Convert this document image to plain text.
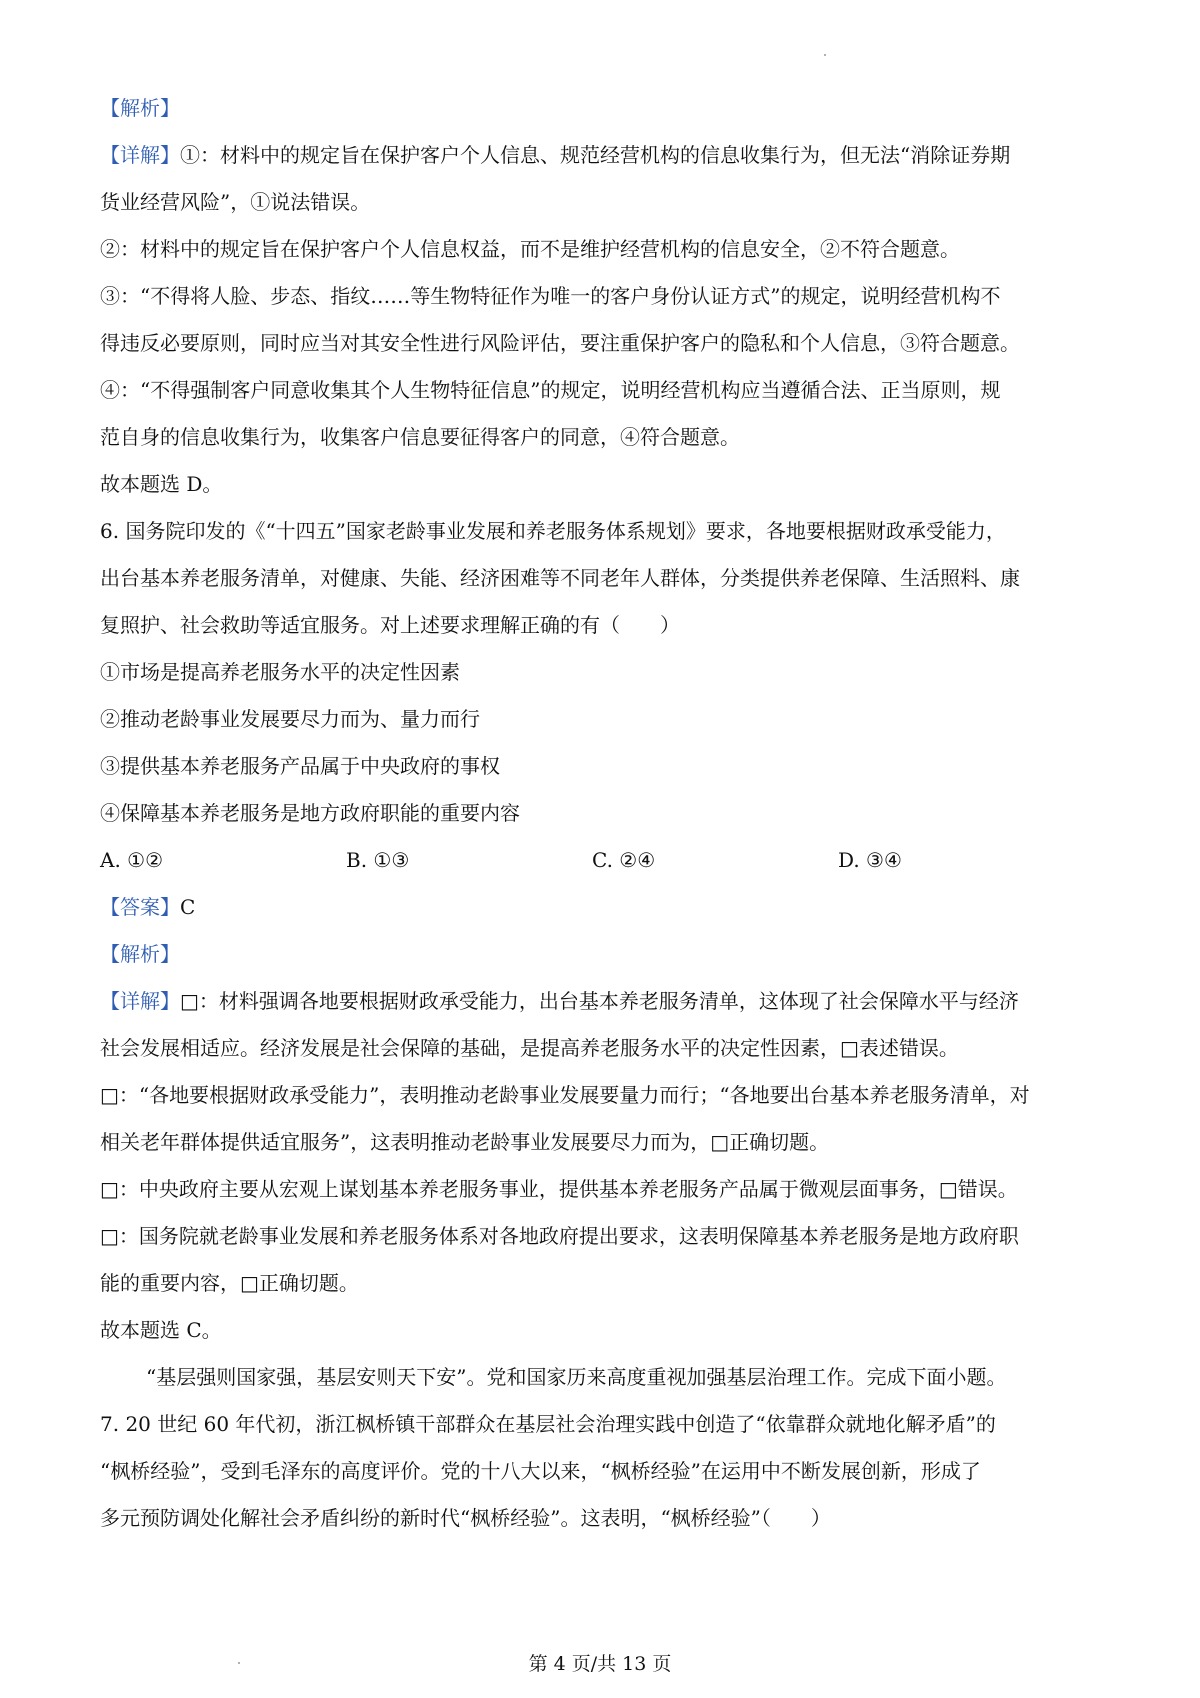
【解析】
【详解】①：材料中的规定旨在保护客户个人信息、规范经营机构的信息收集行为，但无法“消除证券期
货业经营风险”，①说法错误。
②：材料中的规定旨在保护客户个人信息权益，而不是维护经营机构的信息安全，②不符合题意。
③：“不得将人脸、步态、指纹……等生物特征作为唯一的客户身份认证方式”的规定，说明经营机构不
得违反必要原则，同时应当对其安全性进行风险评估，要注重保护客户的隐私和个人信息，③符合题意。
④：“不得强制客户同意收集其个人生物特征信息”的规定，说明经营机构应当遵循合法、正当原则，规
范自身的信息收集行为，收集客户信息要征得客户的同意，④符合题意。
故本题选 D。
6. 国务院印发的《“十四五”国家老龄事业发展和养老服务体系规划》要求，各地要根据财政承受能力，
出台基本养老服务清单，对健康、失能、经济困难等不同老年人群体，分类提供养老保障、生活照料、康
复照护、社会救助等适宜服务。对上述要求理解正确的有（　　）
①市场是提高养老服务水平的决定性因素
②推动老龄事业发展要尽力而为、量力而行
③提供基本养老服务产品属于中央政府的事权
④保障基本养老服务是地方政府职能的重要内容
A. ①②	B. ①③	C. ②④	D. ③④
【答案】C
【解析】
【详解】□：材料强调各地要根据财政承受能力，出台基本养老服务清单，这体现了社会保障水平与经济
社会发展相适应。经济发展是社会保障的基础，是提高养老服务水平的决定性因素，□表述错误。
□：“各地要根据财政承受能力”，表明推动老龄事业发展要量力而行；“各地要出台基本养老服务清单，对
相关老年群体提供适宜服务”，这表明推动老龄事业发展要尽力而为，□正确切题。
□：中央政府主要从宏观上谋划基本养老服务事业，提供基本养老服务产品属于微观层面事务，□错误。
□：国务院就老龄事业发展和养老服务体系对各地政府提出要求，这表明保障基本养老服务是地方政府职
能的重要内容，□正确切题。
故本题选 C。
“基层强则国家强，基层安则天下安”。党和国家历来高度重视加强基层治理工作。完成下面小题。
7. 20 世纪 60 年代初，浙江枫桥镇干部群众在基层社会治理实践中创造了“依靠群众就地化解矛盾”的
“枫桥经验”，受到毛泽东的高度评价。党的十八大以来，“枫桥经验”在运用中不断发展创新，形成了
多元预防调处化解社会矛盾纠纷的新时代“枫桥经验”。这表明，“枫桥经验”（　　）
第 4 页/共 13 页
